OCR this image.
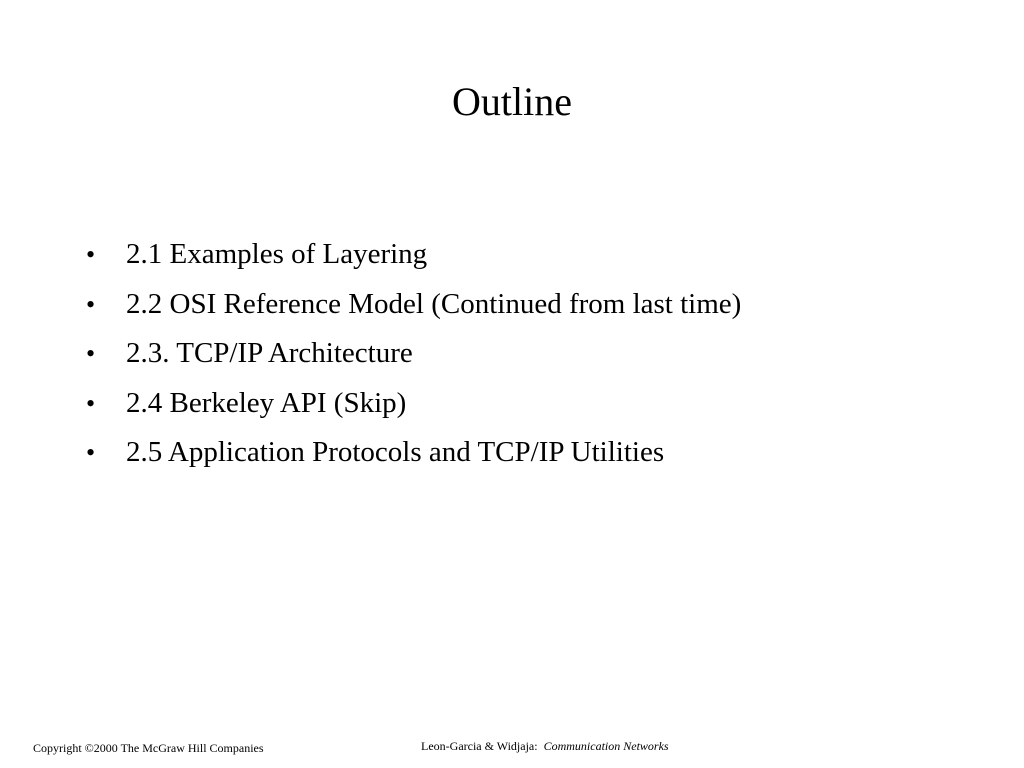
Outline
•	2.1 Examples of Layering
•	2.2 OSI Reference Model (Continued from last time)
•	2.3. TCP/IP Architecture
•	2.4 Berkeley API (Skip)
•	2.5 Application Protocols and TCP/IP Utilities
Copyright ©2000 The McGraw Hill Companies	Leon-Garcia & Widjaja: Communication Networks
